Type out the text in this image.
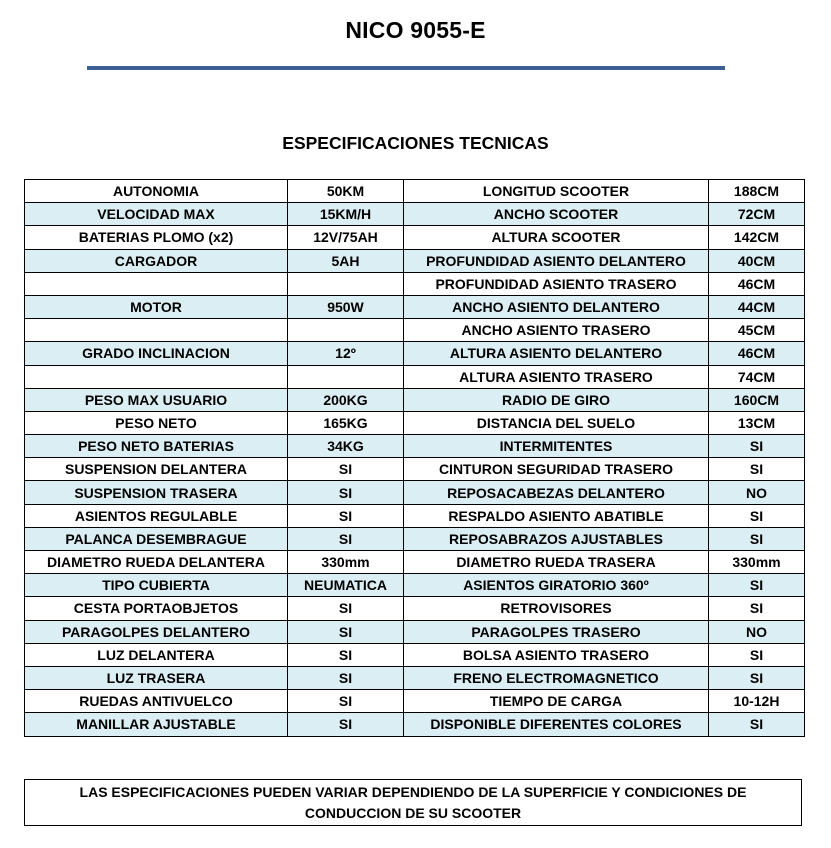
NICO 9055-E
ESPECIFICACIONES TECNICAS
AUTONOMIA	50KM	LONGITUD SCOOTER	188CM
VELOCIDAD MAX	15KM/H	ANCHO SCOOTER	72CM
BATERIAS PLOMO (x2)	12V/75AH	ALTURA SCOOTER	142CM
CARGADOR	5AH	PROFUNDIDAD ASIENTO DELANTERO	40CM
		PROFUNDIDAD ASIENTO TRASERO	46CM
MOTOR	950W	ANCHO ASIENTO DELANTERO	44CM
		ANCHO ASIENTO TRASERO	45CM
GRADO INCLINACION	12º	ALTURA ASIENTO DELANTERO	46CM
		ALTURA ASIENTO TRASERO	74CM
PESO MAX USUARIO	200KG	RADIO DE GIRO	160CM
PESO NETO	165KG	DISTANCIA DEL SUELO	13CM
PESO NETO BATERIAS	34KG	INTERMITENTES	SI
SUSPENSION DELANTERA	SI	CINTURON SEGURIDAD TRASERO	SI
SUSPENSION TRASERA	SI	REPOSACABEZAS DELANTERO	NO
ASIENTOS REGULABLE	SI	RESPALDO ASIENTO ABATIBLE	SI
PALANCA DESEMBRAGUE	SI	REPOSABRAZOS AJUSTABLES	SI
DIAMETRO RUEDA DELANTERA	330mm	DIAMETRO RUEDA TRASERA	330mm
TIPO CUBIERTA	NEUMATICA	ASIENTOS GIRATORIO 360º	SI
CESTA PORTAOBJETOS	SI	RETROVISORES	SI
PARAGOLPES DELANTERO	SI	PARAGOLPES TRASERO	NO
LUZ DELANTERA	SI	BOLSA ASIENTO TRASERO	SI
LUZ TRASERA	SI	FRENO ELECTROMAGNETICO	SI
RUEDAS ANTIVUELCO	SI	TIEMPO DE CARGA	10-12H
MANILLAR AJUSTABLE	SI	DISPONIBLE DIFERENTES COLORES	SI
LAS ESPECIFICACIONES PUEDEN VARIAR DEPENDIENDO DE LA SUPERFICIE Y CONDICIONES DE CONDUCCION DE SU SCOOTER
